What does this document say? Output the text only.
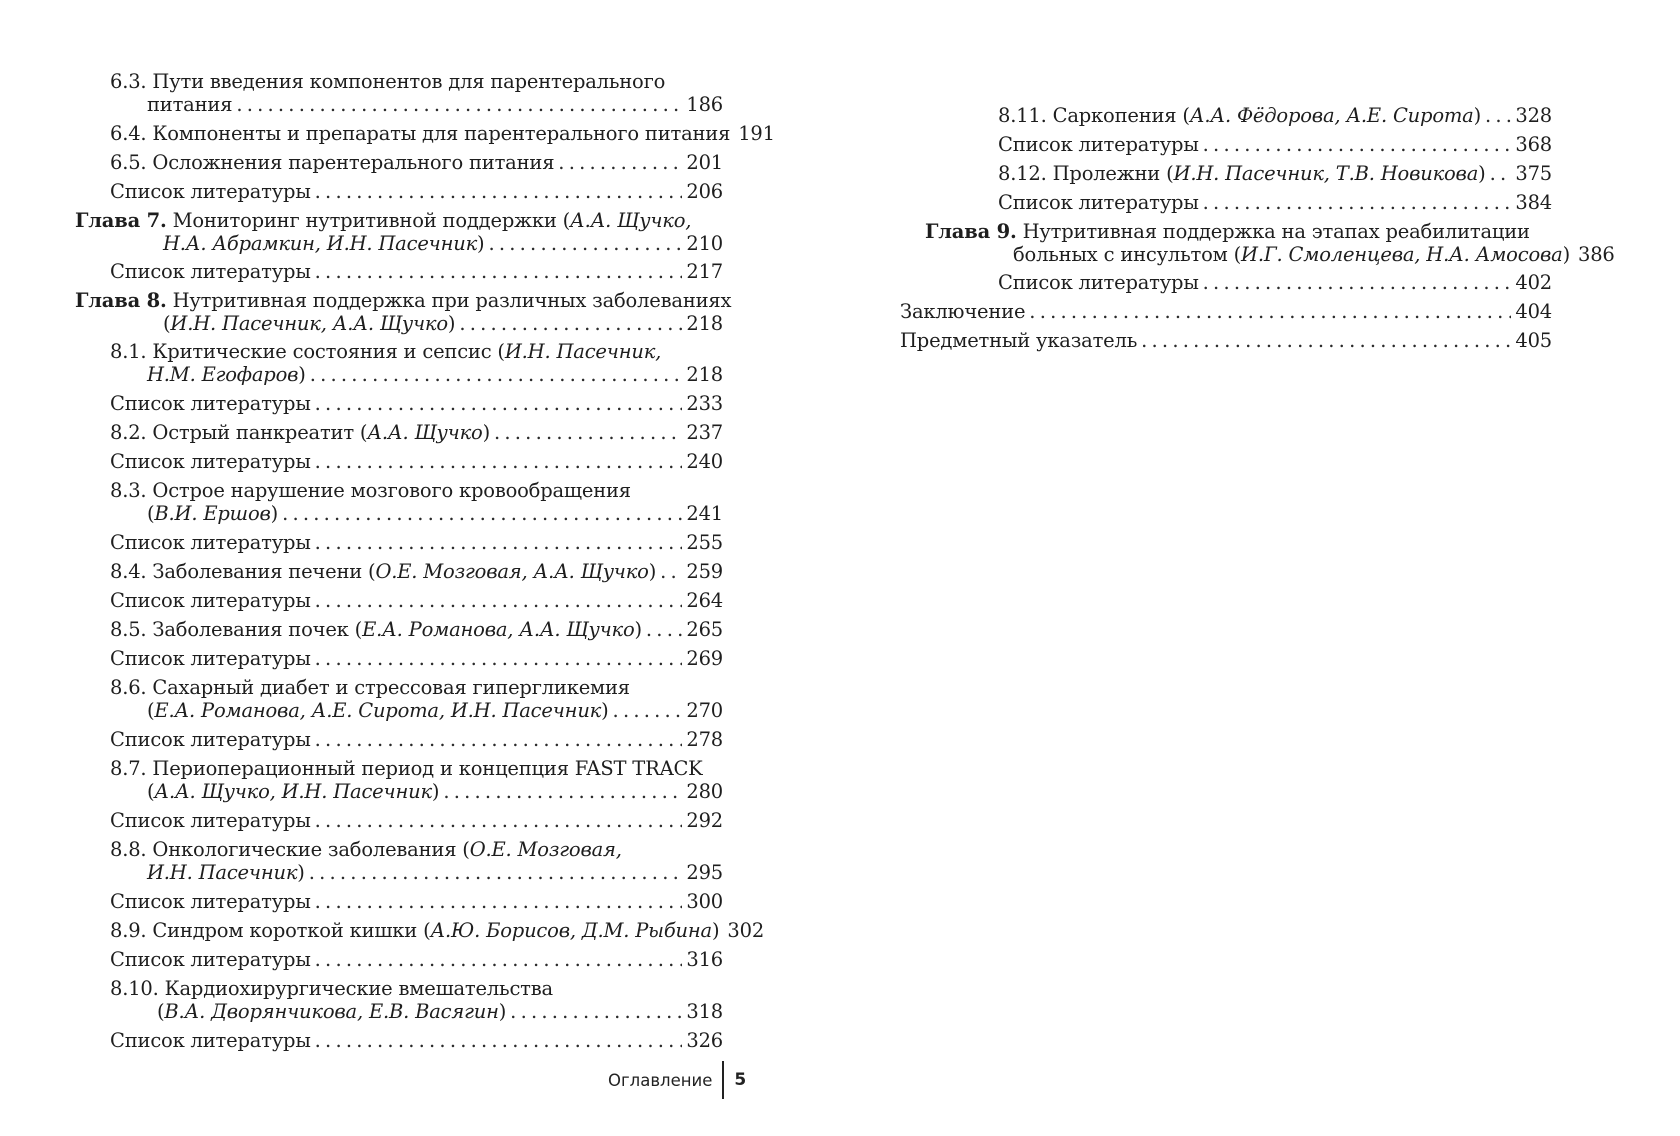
6.3. Пути введения компонентов для парентерального
питания . . .	186
6.4. Компоненты и препараты для парентерального питания 191
6.5. Осложнения парентерального питания . . .	201
Список литературы . . .	206
Глава 7. Мониторинг нутритивной поддержки (А.А. Щучко,
Н.А. Абрамкин, И.Н. Пасечник) . . .	210
Список литературы . . .	217
Глава 8. Нутритивная поддержка при различных заболеваниях
(И.Н. Пасечник, А.А. Щучко) . . .	218
8.1. Критические состояния и сепсис (И.Н. Пасечник,
Н.М. Егофаров) . . .	218
Список литературы . . .	233
8.2. Острый панкреатит (А.А. Щучко) . . .	237
Список литературы . . .	240
8.3. Острое нарушение мозгового кровообращения
(В.И. Ершов) . . .	241
Список литературы . . .	255
8.4. Заболевания печени (О.Е. Мозговая, А.А. Щучко) . . . 259
Список литературы . . .	264
8.5. Заболевания почек (Е.А. Романова, А.А. Щучко) . . . 265
Список литературы . . .	269
8.6. Сахарный диабет и стрессовая гипергликемия
(Е.А. Романова, А.Е. Сирота, И.Н. Пасечник) . . .	270
Список литературы . . .	278
8.7. Периоперационный период и концепция FAST TRACK
(А.А. Щучко, И.Н. Пасечник) . . .	280
Список литературы . . .	292
8.8. Онкологические заболевания (О.Е. Мозговая,
И.Н. Пасечник) . . .	295
Список литературы . . .	300
8.9. Синдром короткой кишки (А.Ю. Борисов, Д.М. Рыбина) 302
Список литературы . . .	316
8.10. Кардиохирургические вмешательства
(В.А. Дворянчикова, Е.В. Васягин) . . .	318
Список литературы . . .	326
Оглавление 5
8.11. Саркопения (А.А. Фёдорова, А.Е. Сирота) . . . 328
Список литературы . . .	368
8.12. Пролежни (И.Н. Пасечник, Т.В. Новикова) . . . 375
Список литературы . . .	384
Глава 9. Нутритивная поддержка на этапах реабилитации
больных с инсультом (И.Г. Смоленцева, Н.А. Амосова) 386
Список литературы . . .	402
Заключение . . .	404
Предметный указатель . . .	405
